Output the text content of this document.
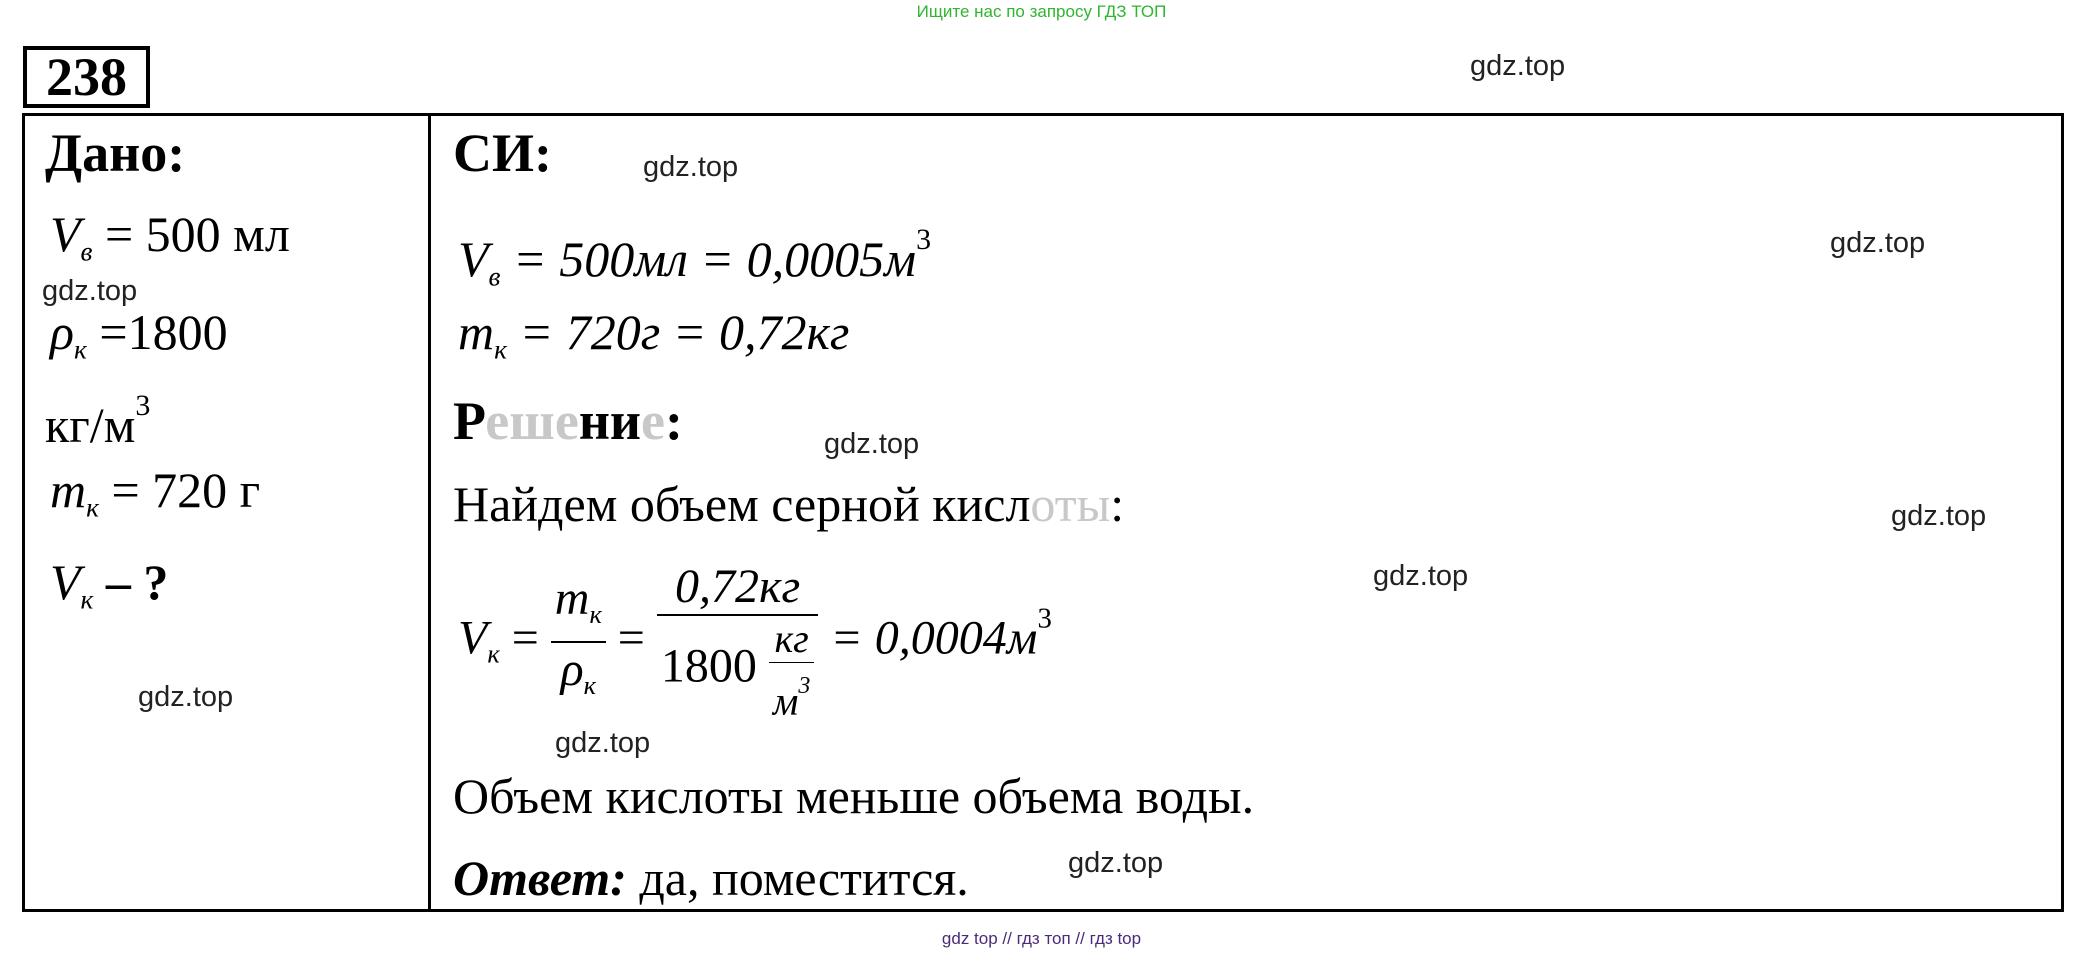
Ищите нас по запросу ГДЗ ТОП
238
Дано:
$V_в = 500$ мл
$\rho_к =1800$
$кг/м^3$
$m_к = 720$ г
$V_к$ – ?
СИ:
$V_в = 500мл = 0,0005м^3$
$m_к = 720г = 0,72кг$
Решение:
Найдем объем серной кислоты:
$V_к = \frac{m_к}{\rho_к} = \frac{0,72кг}{1800 \frac{кг}{м^3}} = 0,0004м^3$
Объем кислоты меньше объема воды.
Ответ: да, поместится.
gdz.top
gdz.top
gdz.top
gdz.top
gdz.top
gdz.top
gdz.top
gdz.top
gdz.top
gdz.top
gdz top // гдз топ // гдз top
